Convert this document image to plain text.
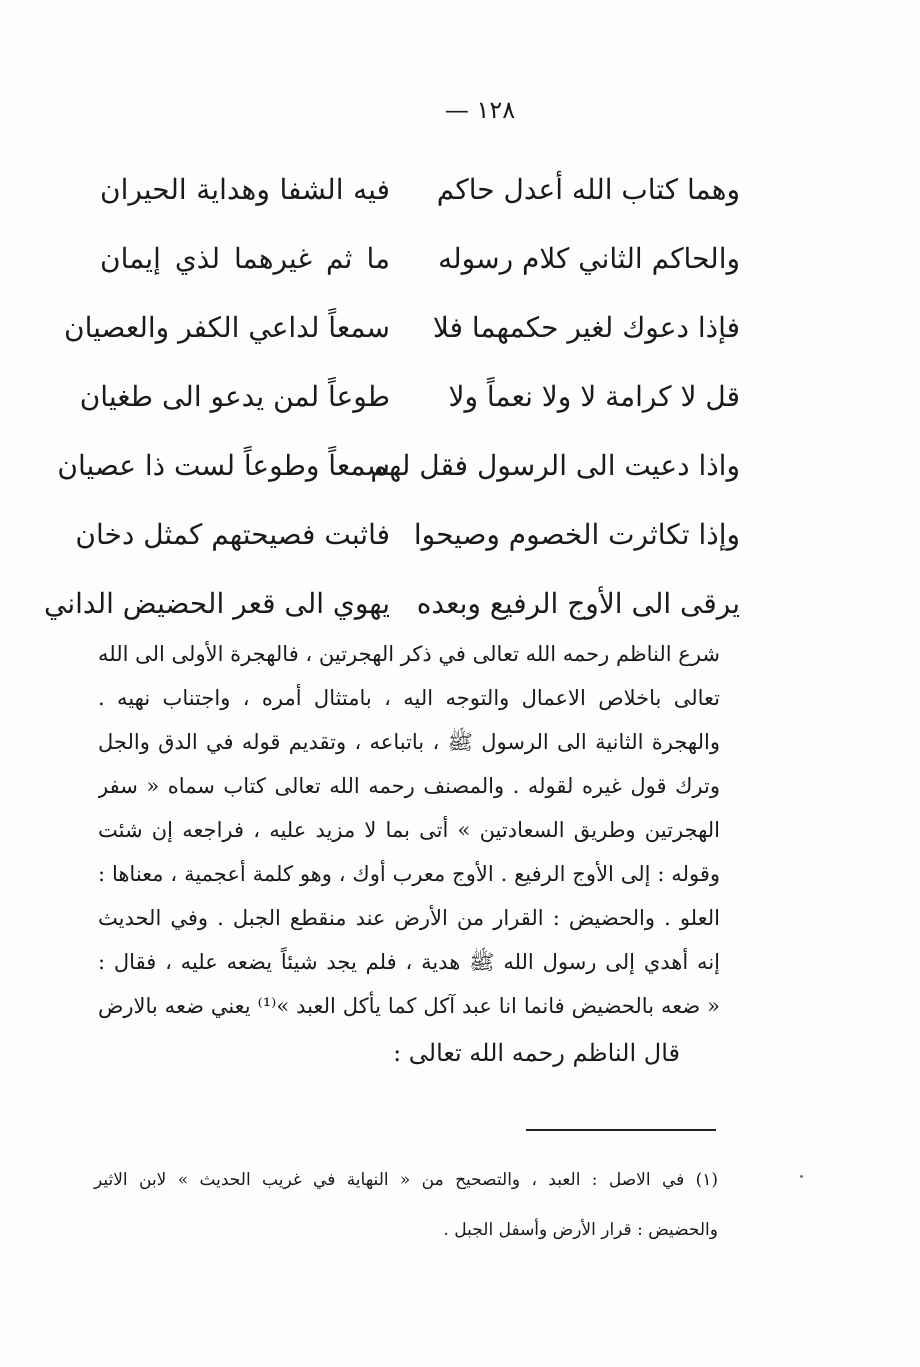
١٢٨ —
وهما كتاب الله أعدل حاكم
فيه الشفا وهداية الحيران
والحاكم الثاني كلام رسوله
ما ثم غيرهما لذي إيمان
فإذا دعوك لغير حكمهما فلا
سمعاً لداعي الكفر والعصيان
قل لا كرامة لا ولا نعماً ولا
طوعاً لمن يدعو الى طغيان
واذا دعيت الى الرسول فقل لهم
سمعاً وطوعاً لست ذا عصيان
وإذا تكاثرت الخصوم وصيحوا
فاثبت فصيحتهم كمثل دخان
يرقى الى الأوج الرفيع وبعده
يهوي الى قعر الحضيض الداني
شرع الناظم رحمه الله تعالى في ذكر الهجرتين ، فالهجرة الأولى الى الله
تعالى باخلاص الاعمال والتوجه اليه ، بامتثال أمره ، واجتناب نهيه .
والهجرة الثانية الى الرسول ﷺ ، باتباعه ، وتقديم قوله في الدق والجل
وترك قول غيره لقوله . والمصنف رحمه الله تعالى كتاب سماه « سفر
الهجرتين وطريق السعادتين » أتى بما لا مزيد عليه ، فراجعه إن شئت
وقوله : إلى الأوج الرفيع . الأوج معرب أوك ، وهو كلمة أعجمية ، معناها :
العلو . والحضيض : القرار من الأرض عند منقطع الجبل . وفي الحديث
إنه أهدي إلى رسول الله ﷺ هدية ، فلم يجد شيئاً يضعه عليه ، فقال :
« ضعه بالحضيض فانما انا عبد آكل كما يأكل العبد »⁽¹⁾ يعني ضعه بالارض
قال الناظم رحمه الله تعالى :
(١) في الاصل : العبد ، والتصحيح من « النهاية في غريب الحديث » لابن الاثير
والحضيض : قرار الأرض وأسفل الجبل .
